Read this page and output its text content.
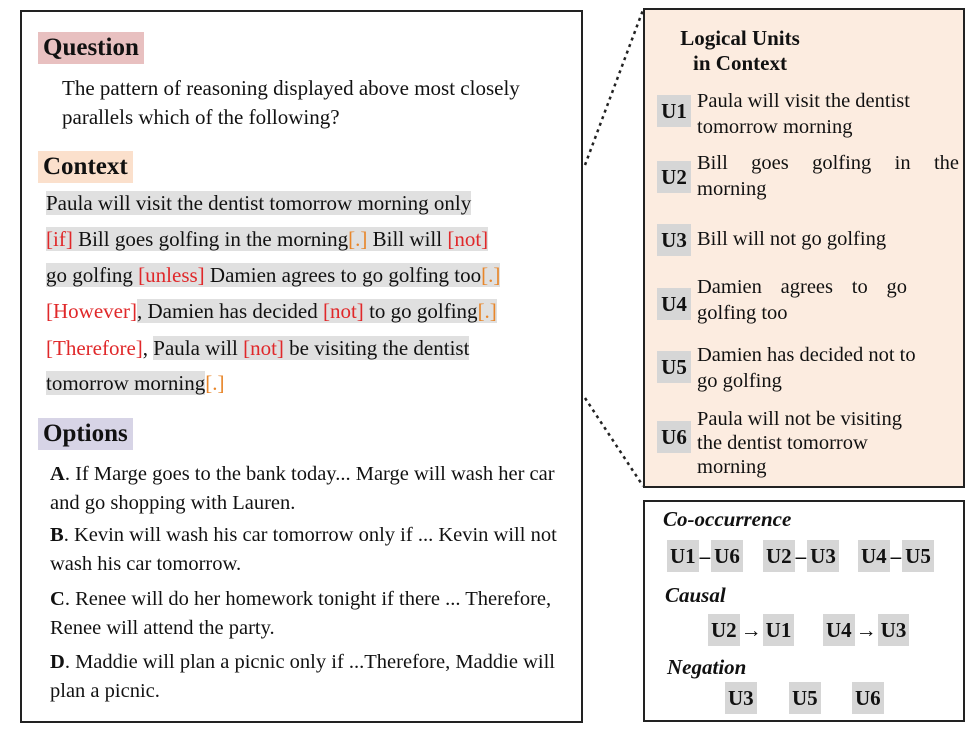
Question
The pattern of reasoning displayed above most closely parallels which of the following?
Context
Paula will visit the dentist tomorrow morning only
[if] Bill goes golfing in the morning[.] Bill will [not]
go golfing [unless] Damien agrees to go golfing too[.]
[However], Damien has decided [not] to go golfing[.]
[Therefore], Paula will [not] be visiting the dentist
tomorrow morning[.]
Options
A. If Marge goes to the bank today... Marge will wash her car and go shopping with Lauren.
B. Kevin will wash his car tomorrow only if ... Kevin will not wash his car tomorrow.
C. Renee will do her homework tonight if there ... Therefore, Renee will attend the party.
D. Maddie will plan a picnic only if ...Therefore, Maddie will plan a picnic.
Logical Units
in Context
U1 Paula will visit the dentist tomorrow morning
U2
Bill goes golfing in the morning
U3 Bill will not go golfing
U4
Damien agrees to go golfing too
U5 Damien has decided not to go golfing
U6
Paula will not be visiting the dentist tomorrow morning
Co-occurrence
U1 – U6 U2 – U3 U4 – U5
Causal
U2 → U1 U4 → U3
Negation
U3 U5 U6
